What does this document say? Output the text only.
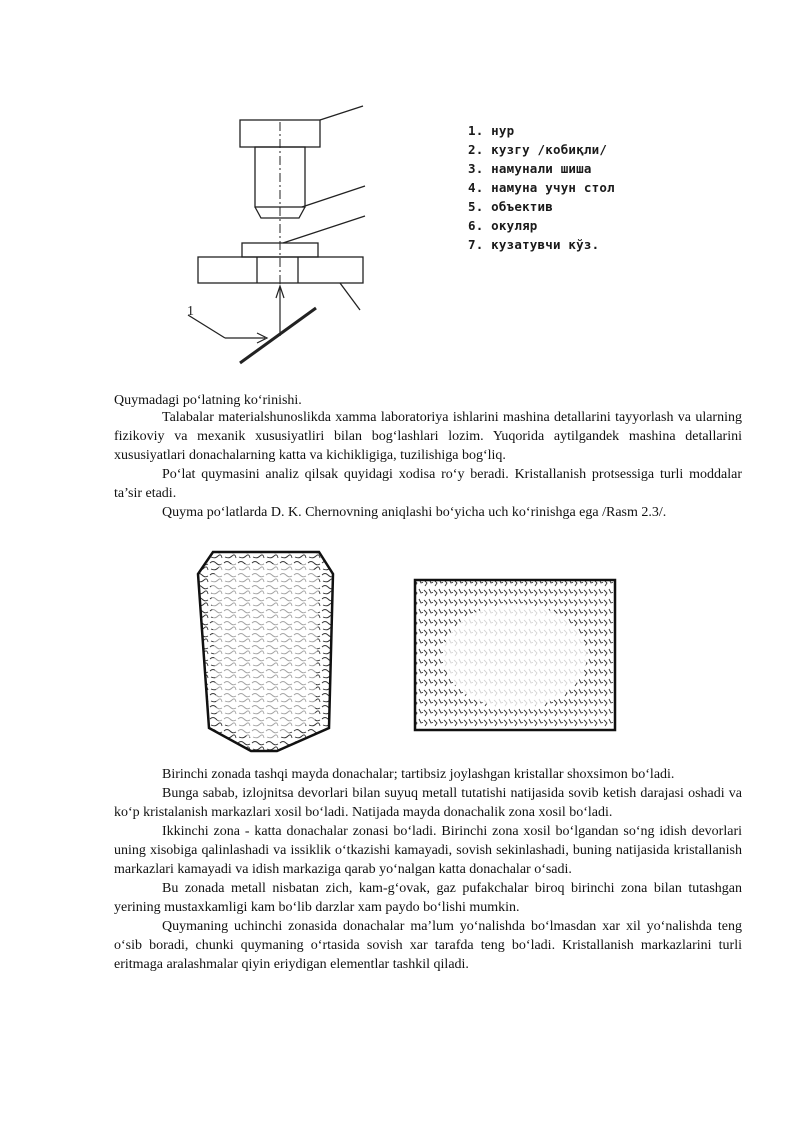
1
1. нур
2. кузгу /кобиқли/
3. намунали шиша
4. намуна учун стол
5. объектив
6. окуляр
7. кузатувчи кўз.
Quymadagi po‘latning ko‘rinishi.

Talabalar materialshunoslikda xamma laboratoriya ishlarini mashina detallarini tayyorlash va ularning fizikoviy va mexanik xususiyatliri bilan bog‘lashlari lozim. Yuqorida aytilgandek mashina detallarini xususiyatlari donachalarning katta va kichikligiga, tuzilishiga bog‘liq.

Po‘lat quymasini analiz qilsak quyidagi xodisa ro‘y beradi. Kristallanish protsessiga turli moddalar ta’sir etadi.

Quyma po‘latlarda D. K. Chernovning aniqlashi bo‘yicha uch ko‘rinishga ega /Rasm 2.3/.

Birinchi zonada tashqi mayda donachalar; tartibsiz joylashgan kristallar shoxsimon bo‘ladi.

Bunga sabab, izlojnitsa devorlari bilan suyuq metall tutatishi natijasida sovib ketish darajasi oshadi va ko‘p kristalanish markazlari xosil bo‘ladi. Natijada mayda donachalik zona xosil bo‘ladi.

Ikkinchi zona - katta donachalar zonasi bo‘ladi. Birinchi zona xosil bo‘lgandan so‘ng idish devorlari uning xisobiga qalinlashadi va issiklik o‘tkazishi kamayadi, sovish sekinlashadi, buning natijasida kristallanish markazlari kamayadi va idish markaziga qarab yo‘nalgan katta donachalar o‘sadi.

Bu zonada metall nisbatan zich, kam-g‘ovak, gaz pufakchalar biroq birinchi zona bilan tutashgan yerining mustaxkamligi kam bo‘lib darzlar xam paydo bo‘lishi mumkin.

Quymaning uchinchi zonasida donachalar ma’lum yo‘nalishda bo‘lmasdan xar xil yo‘nalishda teng o‘sib boradi, chunki quymaning o‘rtasida sovish xar tarafda teng bo‘ladi. Kristallanish markazlarini turli eritmaga aralashmalar qiyin eriydigan elementlar tashkil qiladi.
